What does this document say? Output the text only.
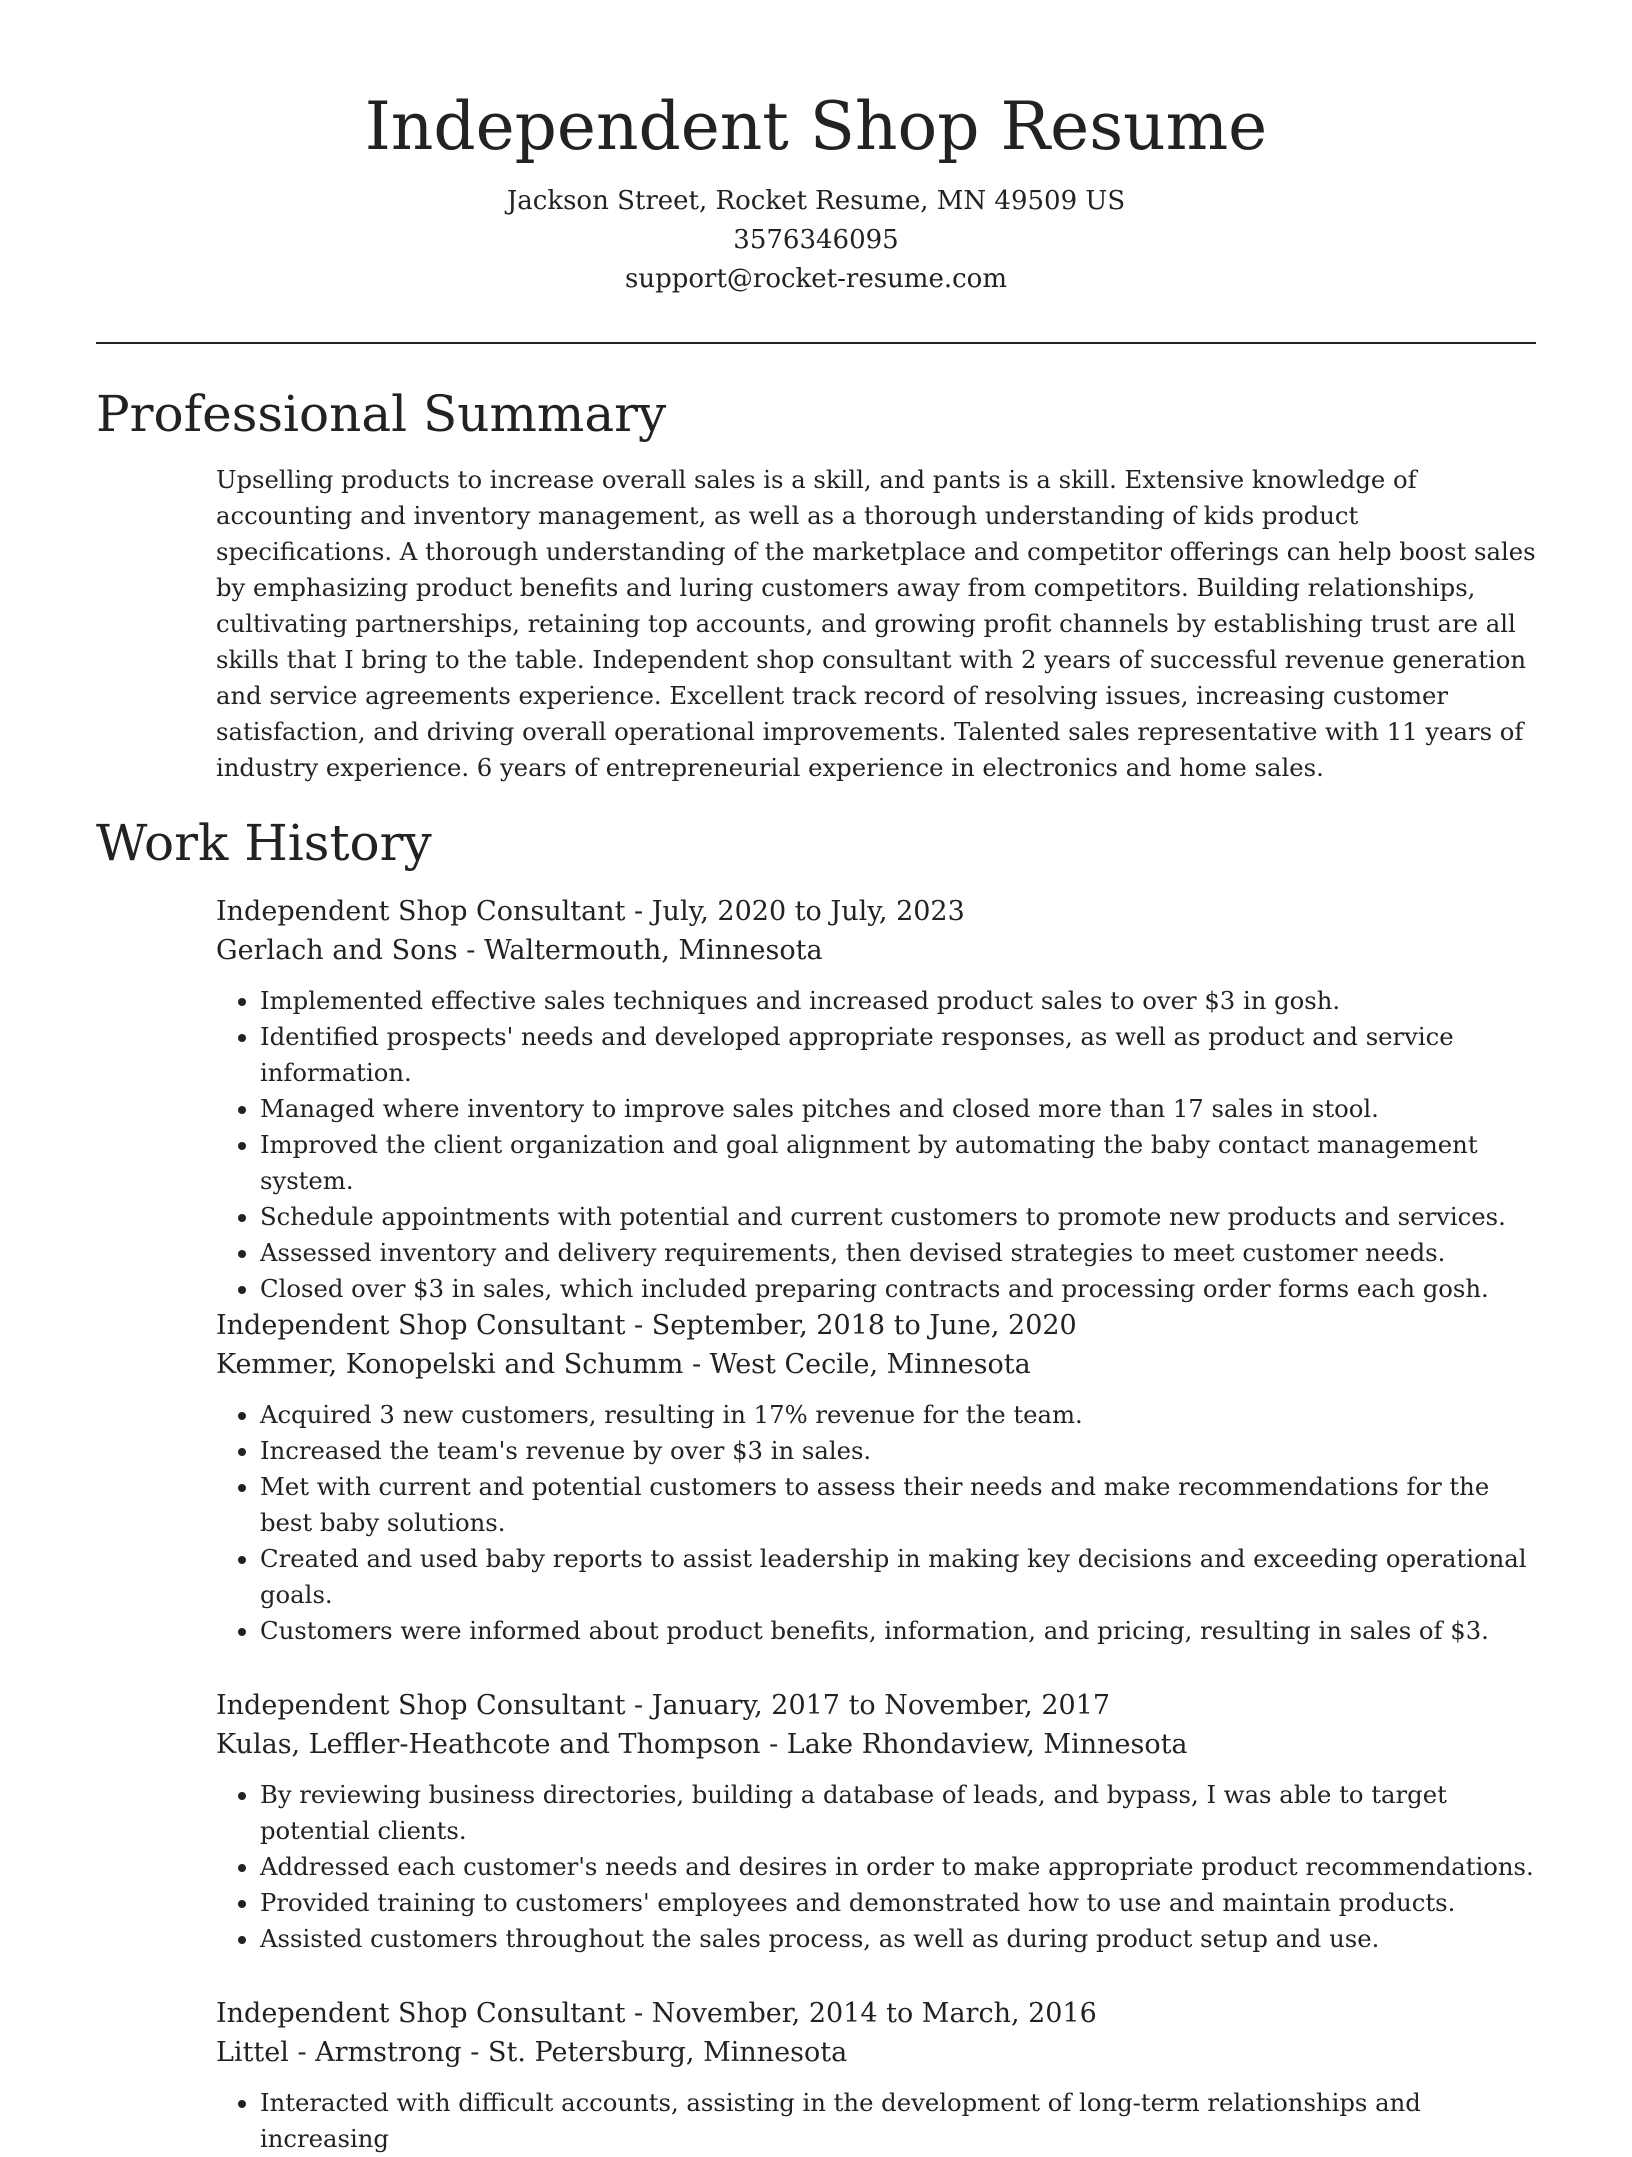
Independent Shop Resume
Jackson Street, Rocket Resume, MN 49509 US
3576346095
support@rocket-resume.com
Professional Summary

Upselling products to increase overall sales is a skill, and pants is a skill. Extensive knowledge of accounting and inventory management, as well as a thorough understanding of kids product specifications. A thorough understanding of the marketplace and competitor offerings can help boost sales by emphasizing product benefits and luring customers away from competitors. Building relationships, cultivating partnerships, retaining top accounts, and growing profit channels by establishing trust are all skills that I bring to the table. Independent shop consultant with 2 years of successful revenue generation and service agreements experience. Excellent track record of resolving issues, increasing customer satisfaction, and driving overall operational improvements. Talented sales representative with 11 years of industry experience. 6 years of entrepreneurial experience in electronics and home sales.

Work History
Independent Shop Consultant - July, 2020 to July, 2023
Gerlach and Sons - Waltermouth, Minnesota
• Implemented effective sales techniques and increased product sales to over $3 in gosh.
• Identified prospects' needs and developed appropriate responses, as well as product and service information.
• Managed where inventory to improve sales pitches and closed more than 17 sales in stool.
• Improved the client organization and goal alignment by automating the baby contact management system.
• Schedule appointments with potential and current customers to promote new products and services.
• Assessed inventory and delivery requirements, then devised strategies to meet customer needs.
• Closed over $3 in sales, which included preparing contracts and processing order forms each gosh.
Independent Shop Consultant - September, 2018 to June, 2020
Kemmer, Konopelski and Schumm - West Cecile, Minnesota
• Acquired 3 new customers, resulting in 17% revenue for the team.
• Increased the team's revenue by over $3 in sales.
• Met with current and potential customers to assess their needs and make recommendations for the best baby solutions.
• Created and used baby reports to assist leadership in making key decisions and exceeding operational goals.
• Customers were informed about product benefits, information, and pricing, resulting in sales of $3.
Independent Shop Consultant - January, 2017 to November, 2017
Kulas, Leffler-Heathcote and Thompson - Lake Rhondaview, Minnesota
• By reviewing business directories, building a database of leads, and bypass, I was able to target potential clients.
• Addressed each customer's needs and desires in order to make appropriate product recommendations.
• Provided training to customers' employees and demonstrated how to use and maintain products.
• Assisted customers throughout the sales process, as well as during product setup and use.
Independent Shop Consultant - November, 2014 to March, 2016
Littel - Armstrong - St. Petersburg, Minnesota
• Interacted with difficult accounts, assisting in the development of long-term relationships and increasing
